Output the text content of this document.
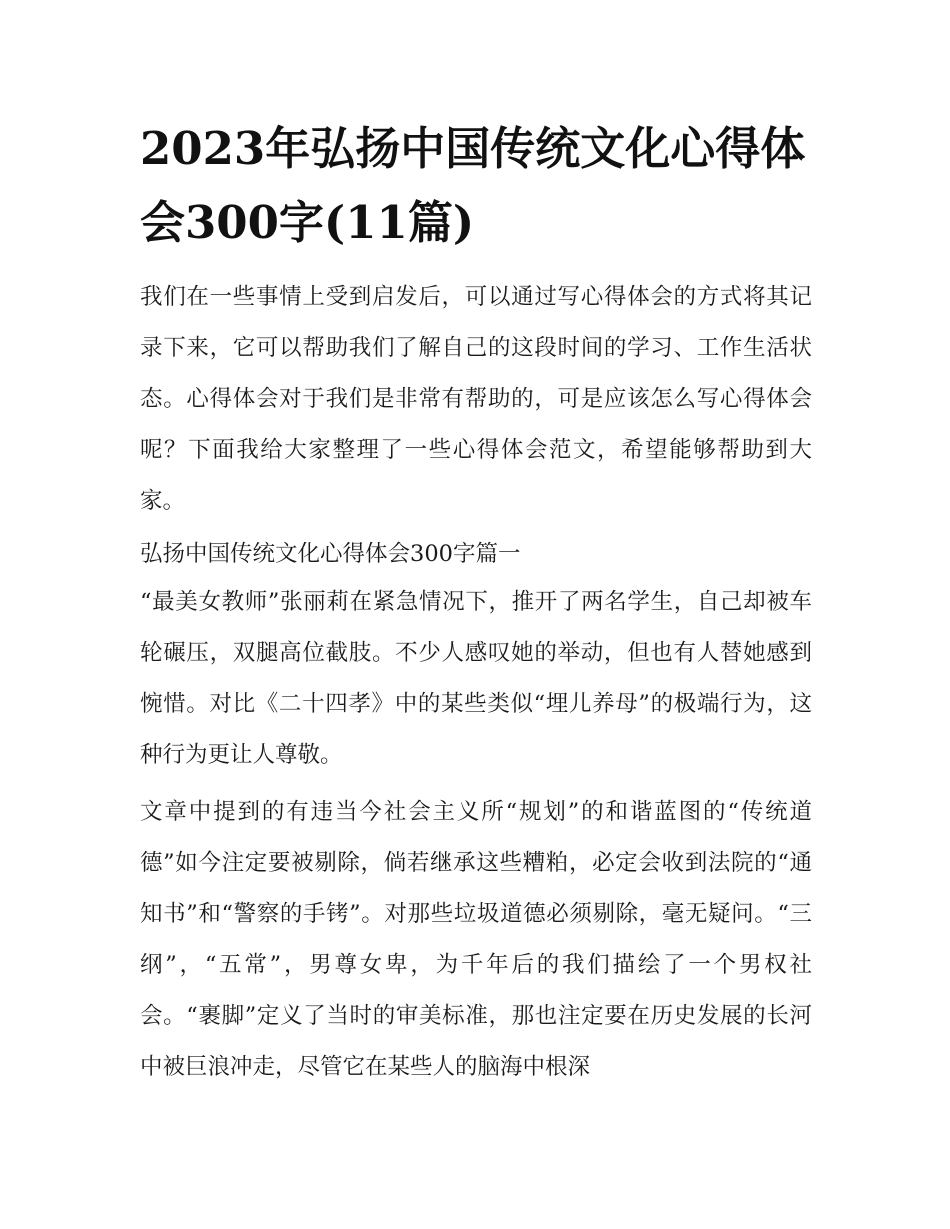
2023年弘扬中国传统文化心得体会300字(11篇)

我们在一些事情上受到启发后，可以通过写心得体会的方式将其记录下来，它可以帮助我们了解自己的这段时间的学习、工作生活状态。心得体会对于我们是非常有帮助的，可是应该怎么写心得体会呢？下面我给大家整理了一些心得体会范文，希望能够帮助到大家。

弘扬中国传统文化心得体会300字篇一

“最美女教师”张丽莉在紧急情况下，推开了两名学生，自己却被车轮碾压，双腿高位截肢。不少人感叹她的举动，但也有人替她感到惋惜。对比《二十四孝》中的某些类似“埋儿养母”的极端行为，这种行为更让人尊敬。

文章中提到的有违当今社会主义所“规划”的和谐蓝图的“传统道德”如今注定要被剔除，倘若继承这些糟粕，必定会收到法院的“通知书”和“警察的手铐”。对那些垃圾道德必须剔除，毫无疑问。“三纲”，“五常”，男尊女卑，为千年后的我们描绘了一个男权社会。“裹脚”定义了当时的审美标准，那也注定要在历史发展的长河中被巨浪冲走，尽管它在某些人的脑海中根深
